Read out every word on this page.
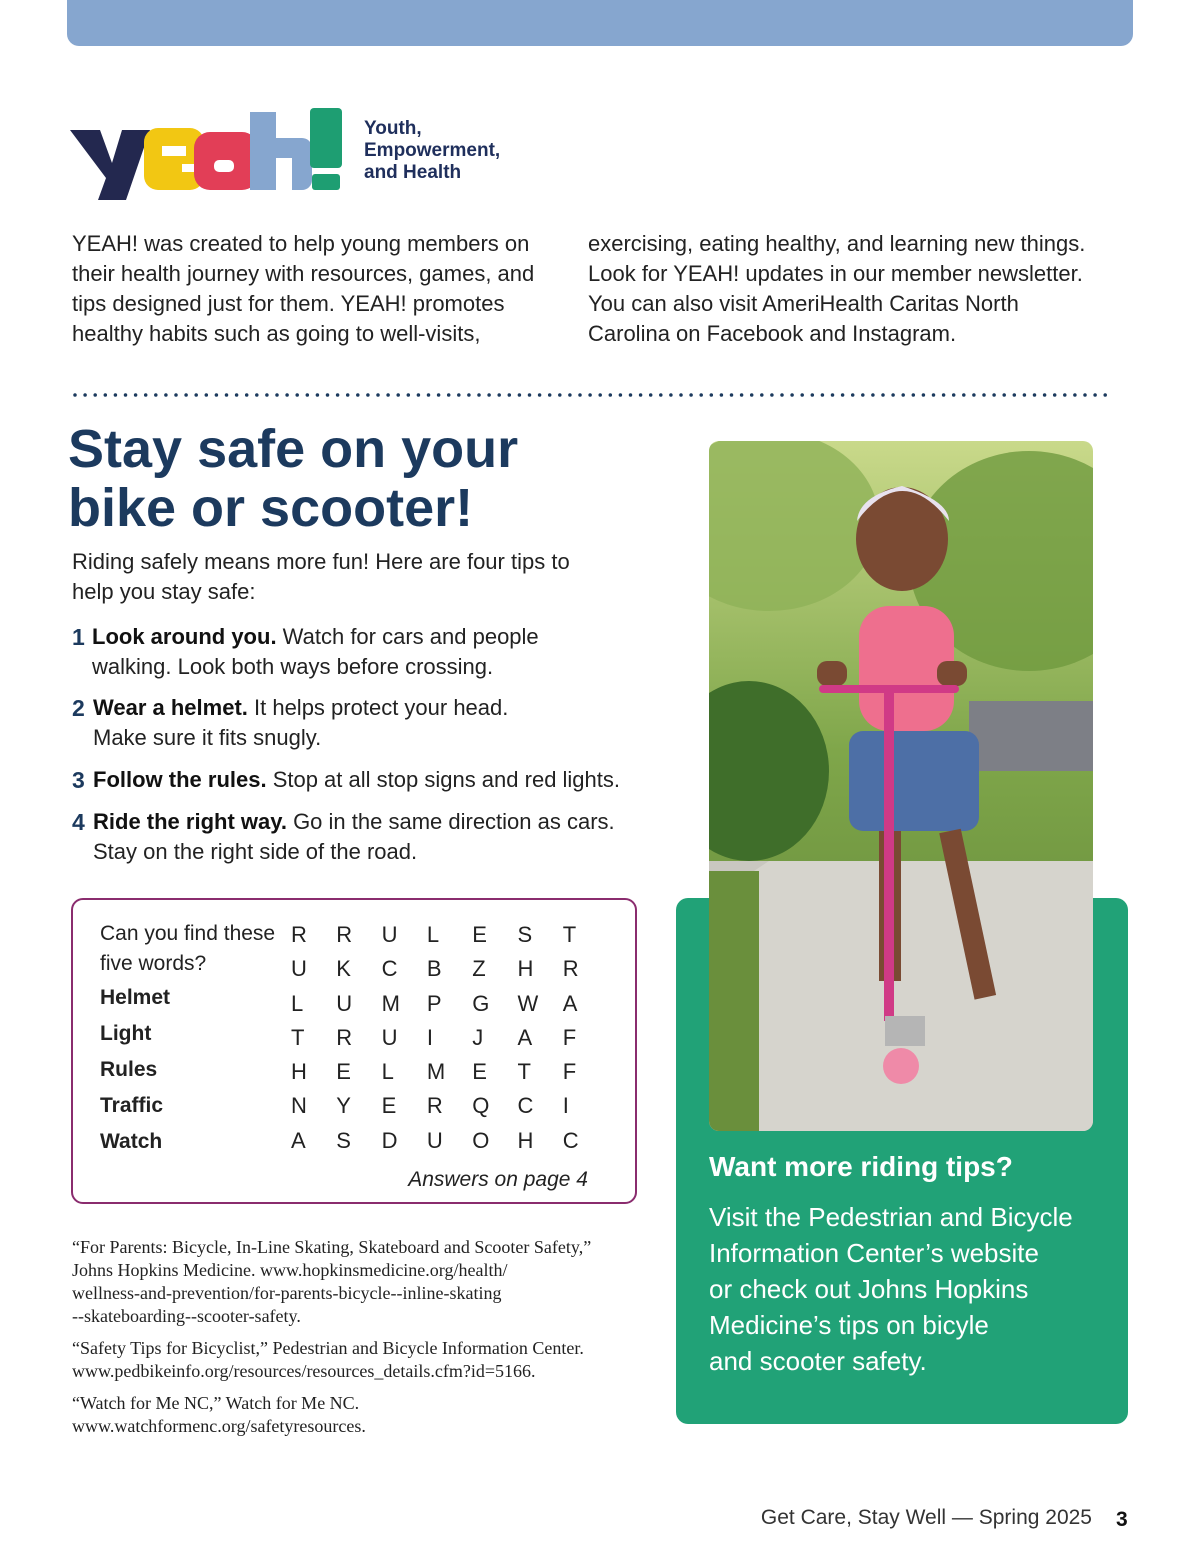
Youth,
Empowerment,
and Health
YEAH! was created to help young members on
their health journey with resources, games, and
tips designed just for them. YEAH! promotes
healthy habits such as going to well-visits,
exercising, eating healthy, and learning new things.
Look for YEAH! updates in our member newsletter.
You can also visit AmeriHealth Caritas North
Carolina on Facebook and Instagram.
Stay safe on your
bike or scooter!
Riding safely means more fun! Here are four tips to
help you stay safe:
1 Look around you. Watch for cars and people
walking. Look both ways before crossing.
2 Wear a helmet. It helps protect your head.
Make sure it fits snugly.
3 Follow the rules. Stop at all stop signs and red lights.
4 Ride the right way. Go in the same direction as cars.
Stay on the right side of the road.
Can you find these
five words?
Helmet
Light
Rules
Traffic
Watch
R	R	U	L	E	S	T
U	K	C	B	Z	H	R
L	U	M	P	G	W	A
T	R	U	I	J	A	F
H	E	L	M	E	T	F
N	Y	E	R	Q	C	I
A	S	D	U	O	H	C
Answers on page 4
“For Parents: Bicycle, In-Line Skating, Skateboard and Scooter Safety,”
Johns Hopkins Medicine. www.hopkinsmedicine.org/health/
wellness-and-prevention/for-parents-bicycle--inline-skating
--skateboarding--scooter-safety.
“Safety Tips for Bicyclist,” Pedestrian and Bicycle Information Center.
www.pedbikeinfo.org/resources/resources_details.cfm?id=5166.
“Watch for Me NC,” Watch for Me NC.
www.watchformenc.org/safetyresources.
Want more riding tips?
Visit the Pedestrian and Bicycle
Information Center’s website
or check out Johns Hopkins
Medicine’s tips on bicyle
and scooter safety.
Get Care, Stay Well — Spring 2025 3
